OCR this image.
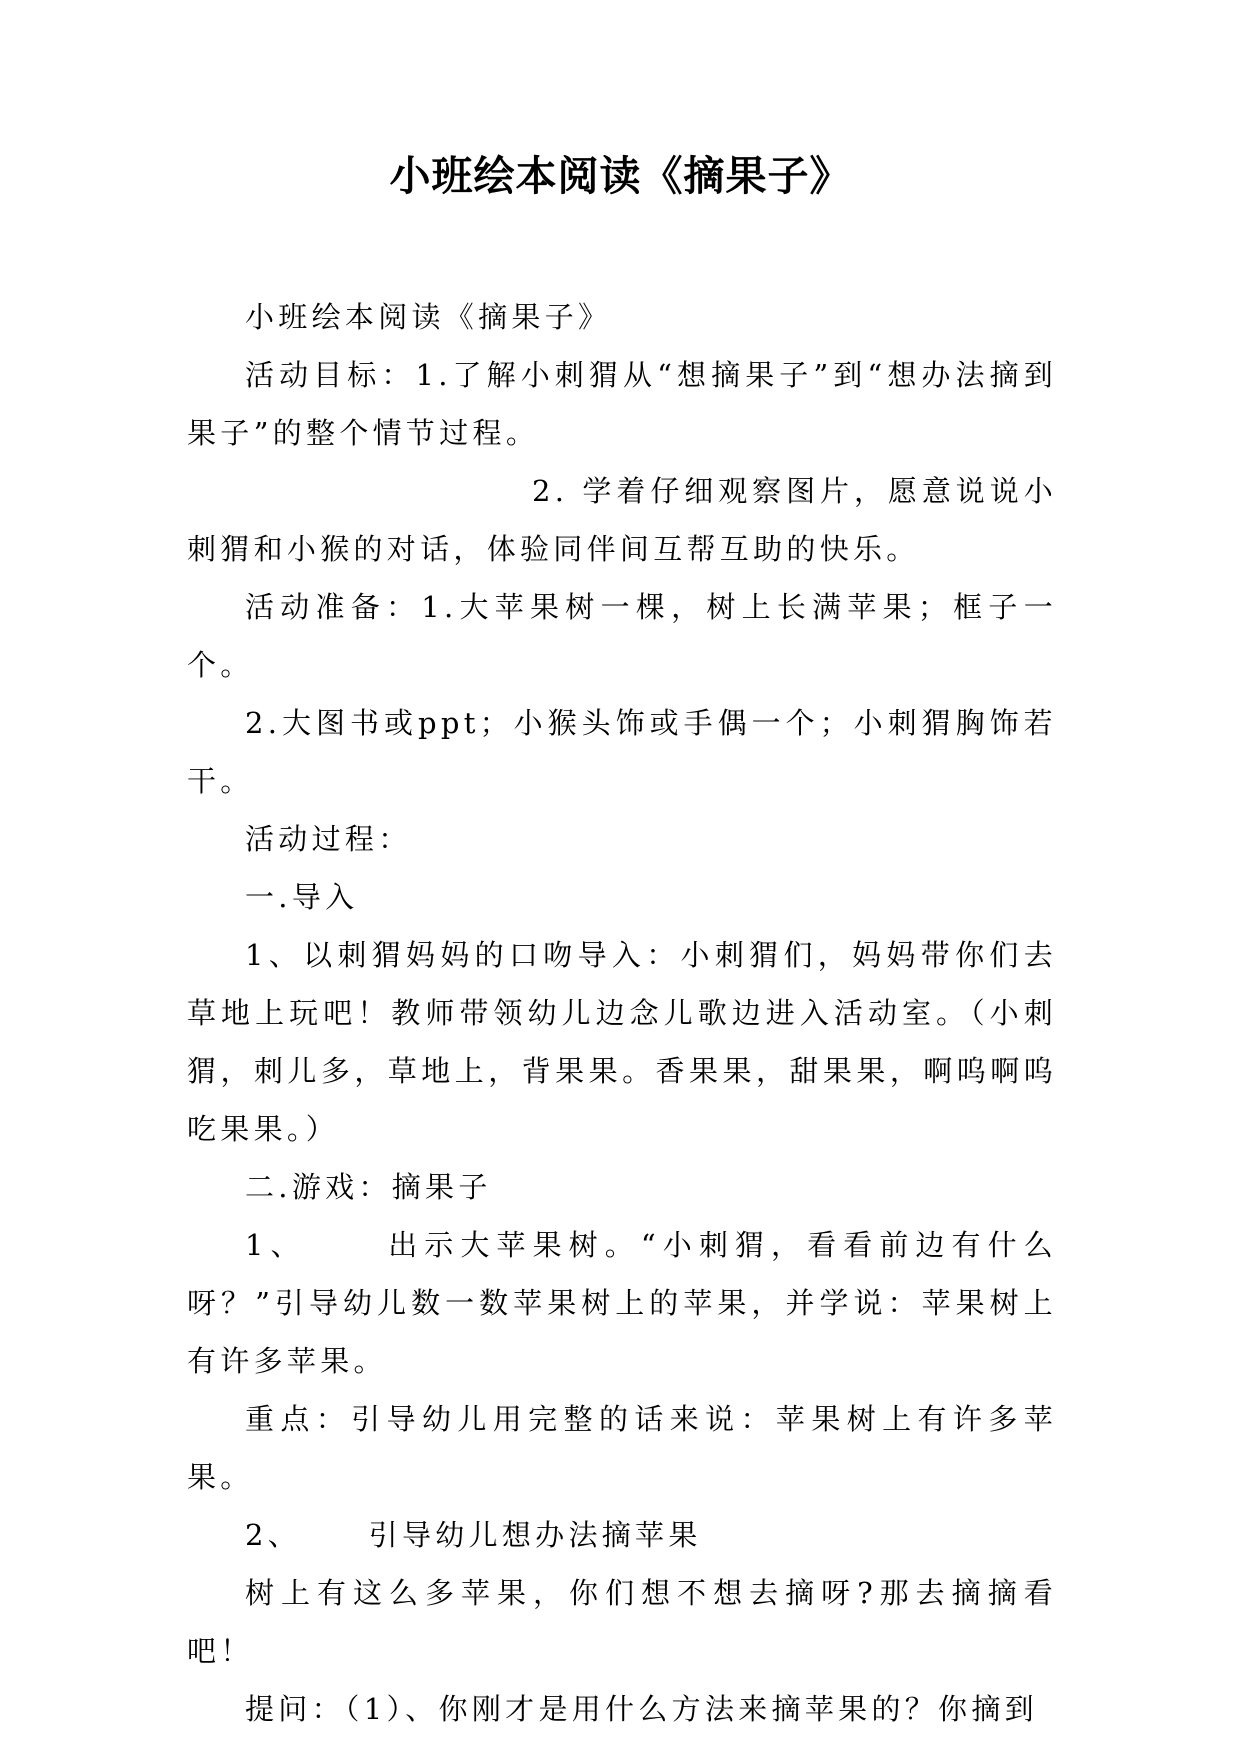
小班绘本阅读《摘果子》

小班绘本阅读《摘果子》

活动目标：1.了解小刺猬从“想摘果子”到“想办法摘到果子”的整个情节过程。

2. 学着仔细观察图片，愿意说说小刺猬和小猴的对话，体验同伴间互帮互助的快乐。

活动准备：1.大苹果树一棵，树上长满苹果；框子一个。

2.大图书或ppt；小猴头饰或手偶一个；小刺猬胸饰若干。

活动过程：

一.导入

1、以刺猬妈妈的口吻导入：小刺猬们，妈妈带你们去草地上玩吧！教师带领幼儿边念儿歌边进入活动室。（小刺猬，刺儿多，草地上，背果果。香果果，甜果果，啊呜啊呜吃果果。）

二.游戏：摘果子

1、     出示大苹果树。“小刺猬，看看前边有什么呀？”引导幼儿数一数苹果树上的苹果，并学说：苹果树上有许多苹果。

重点：引导幼儿用完整的话来说：苹果树上有许多苹果。

2、     引导幼儿想办法摘苹果

树上有这么多苹果，你们想不想去摘呀?那去摘摘看吧！

提问：（1）、你刚才是用什么方法来摘苹果的？你摘到
